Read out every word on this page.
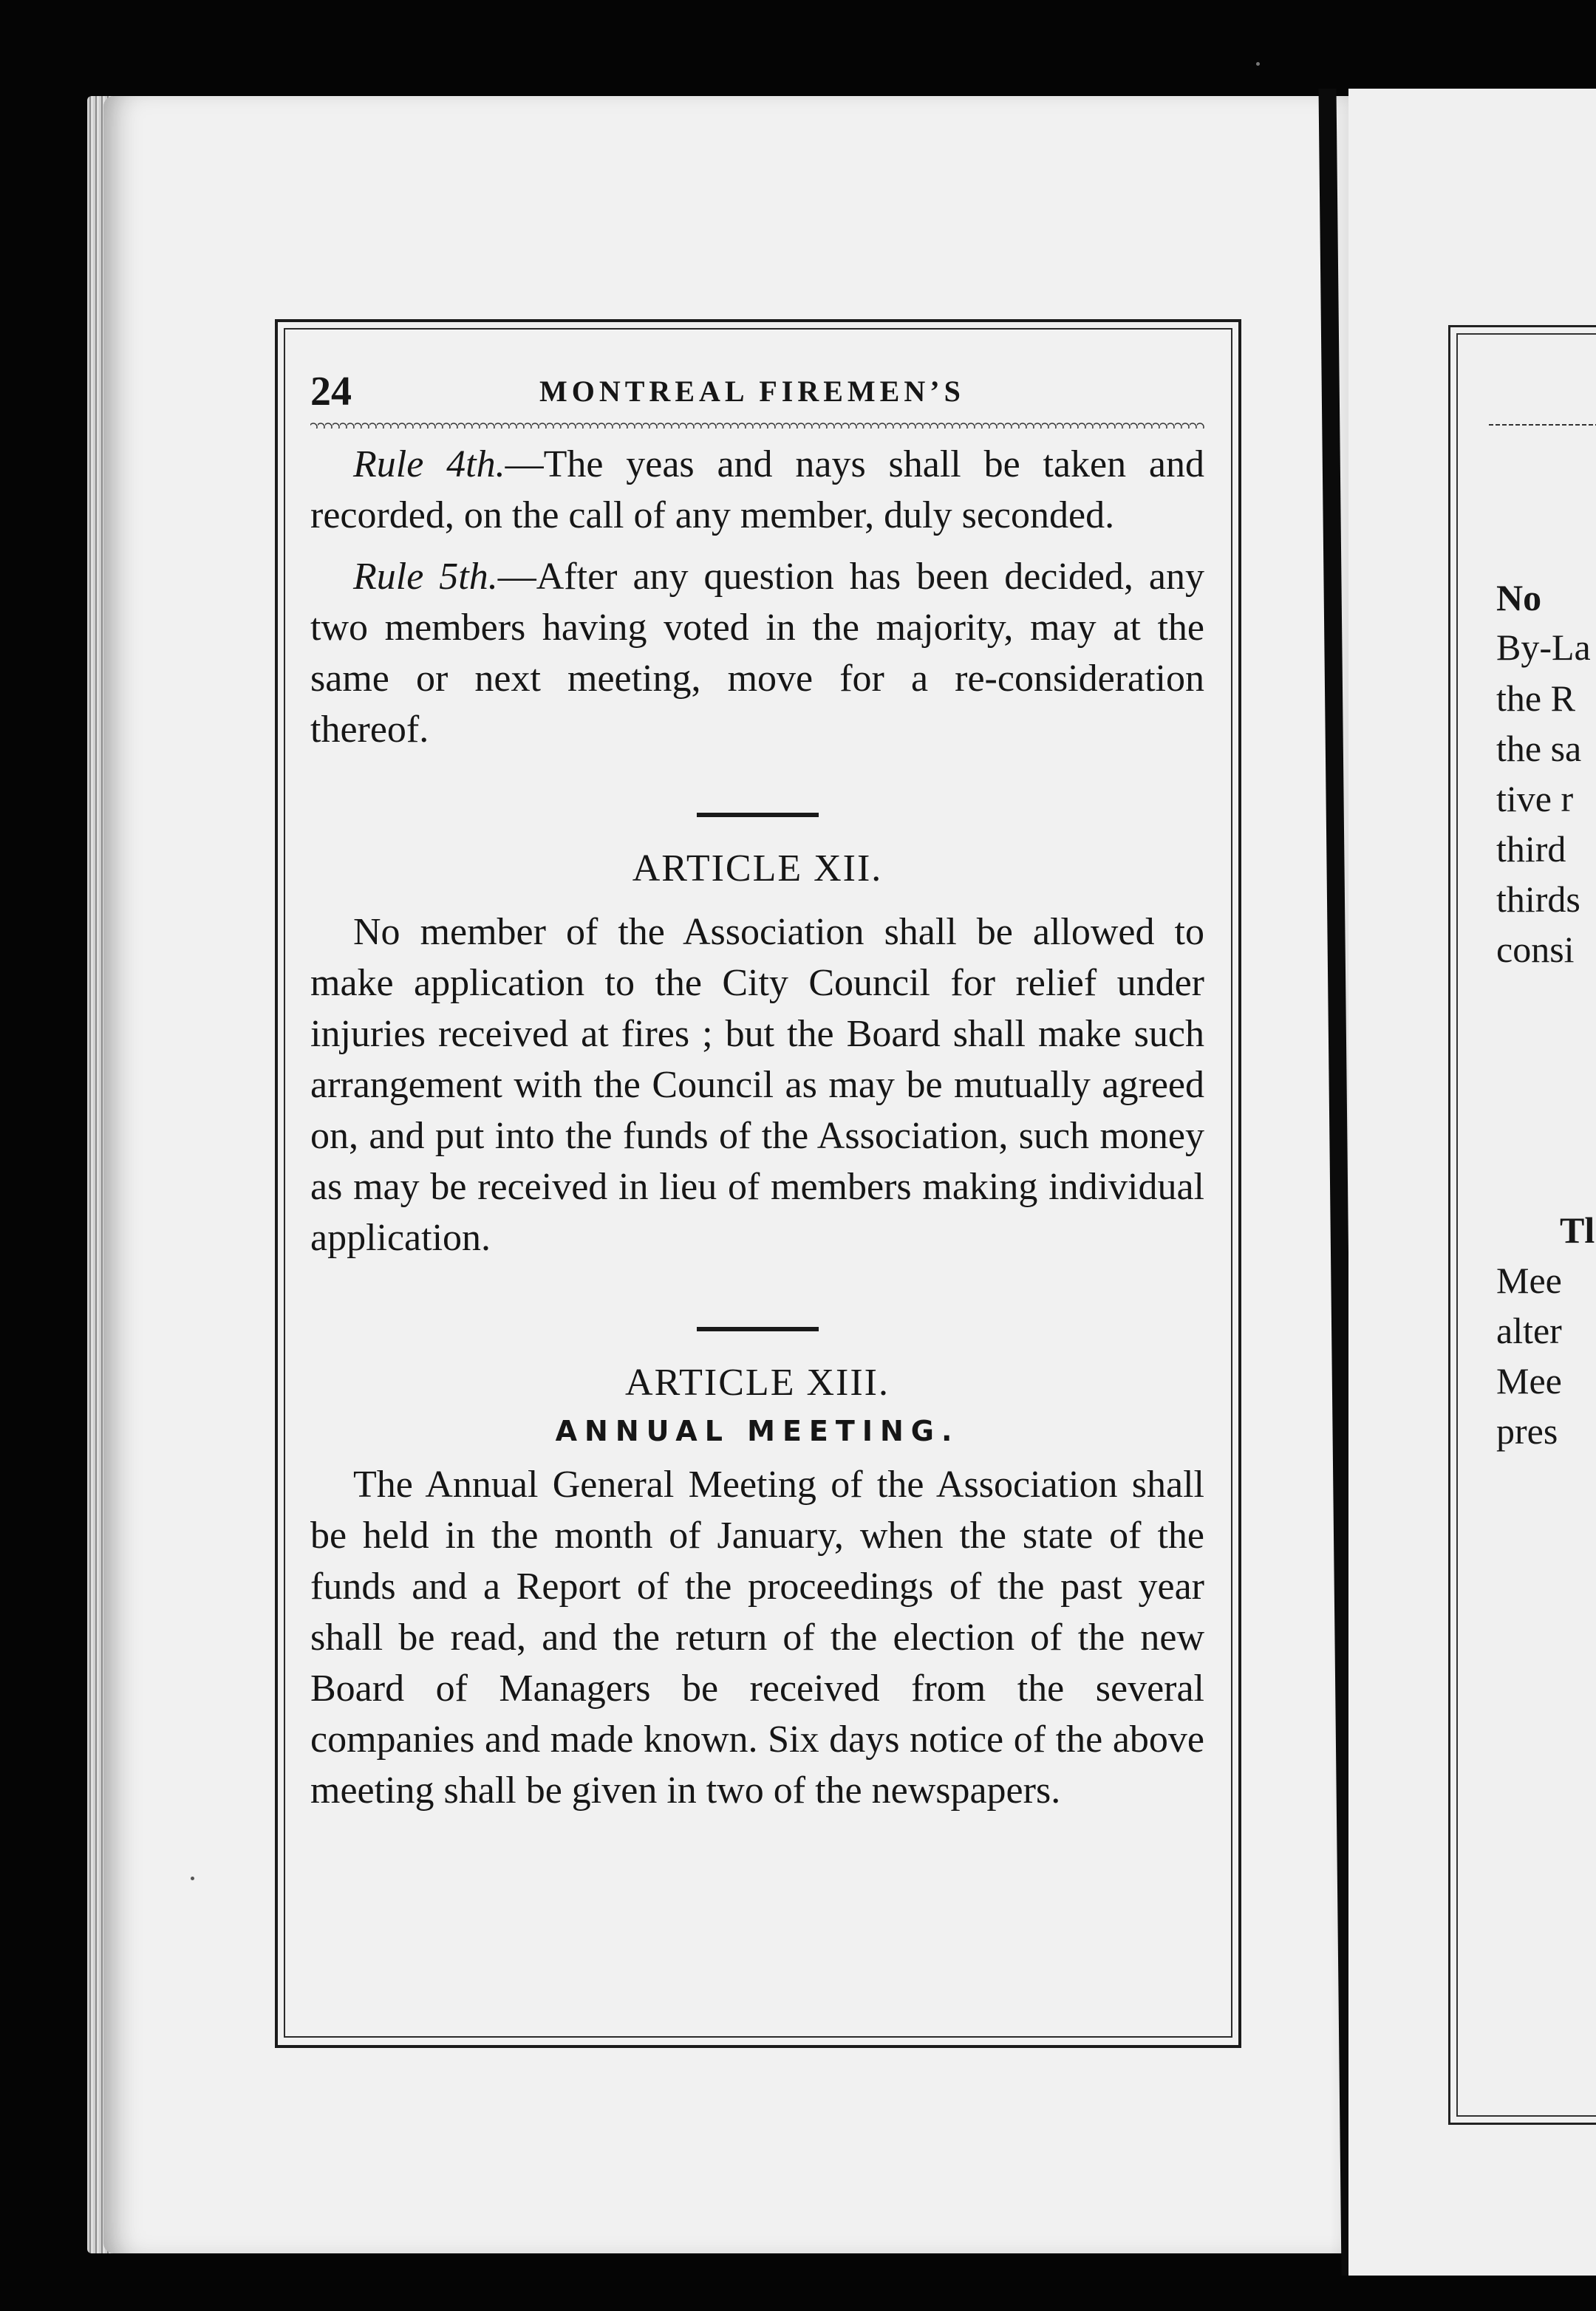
No
By-La
the R
the sa
tive r
third
thirds
consi
Tl
Mee
alter
Mee
pres
24	MONTREAL FIREMEN’S

Rule 4th.—The yeas and nays shall be taken and recorded, on the call of any member, duly seconded.

Rule 5th.—After any question has been decided, any two members having voted in the majority, may at the same or next meeting, move for a re-consideration thereof.

ARTICLE XII.

No member of the Association shall be allowed to make application to the City Council for relief under injuries received at fires ; but the Board shall make such arrangement with the Council as may be mutually agreed on, and put into the funds of the Association, such money as may be received in lieu of members making individual application.

ARTICLE XIII.
ANNUAL MEETING.

The Annual General Meeting of the Association shall be held in the month of January, when the state of the funds and a Report of the proceedings of the past year shall be read, and the return of the election of the new Board of Managers be received from the several companies and made known. Six days notice of the above meeting shall be given in two of the newspapers.
